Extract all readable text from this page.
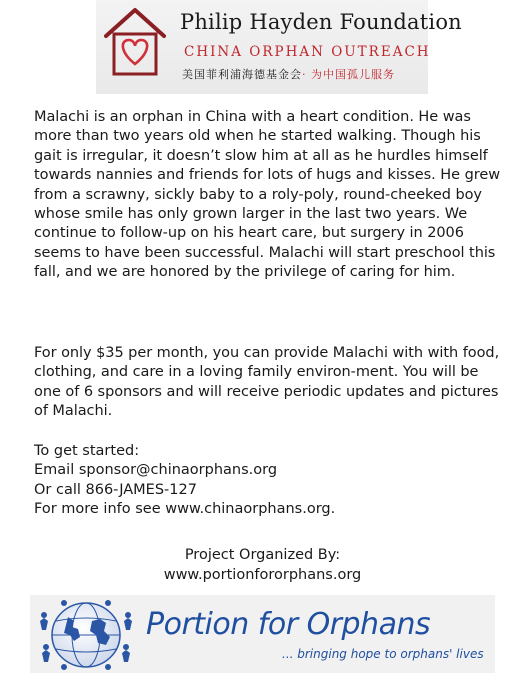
Philip Hayden Foundation
CHINA ORPHAN OUTREACH
美国菲利浦海德基金会· 为中国孤儿服务

Malachi is an orphan in China with a heart condition. He was more than two years old when he started walking. Though his gait is irregular, it doesn’t slow him at all as he hurdles himself towards nannies and friends for lots of hugs and kisses. He grew from a scrawny, sickly baby to a roly-poly, round-cheeked boy whose smile has only grown larger in the last two years. We continue to follow-up on his heart care, but surgery in 2006 seems to have been successful. Malachi will start preschool this fall, and we are honored by the privilege of caring for him.

For only $35 per month, you can provide Malachi with with food, clothing, and care in a loving family environ-ment. You will be one of 6 sponsors and will receive periodic updates and pictures of Malachi.

To get started:
Email sponsor@chinaorphans.org
Or call 866-JAMES-127
For more info see www.chinaorphans.org.
Project Organized By:
www.portionfororphans.org
Portion for Orphans
... bringing hope to orphans' lives
